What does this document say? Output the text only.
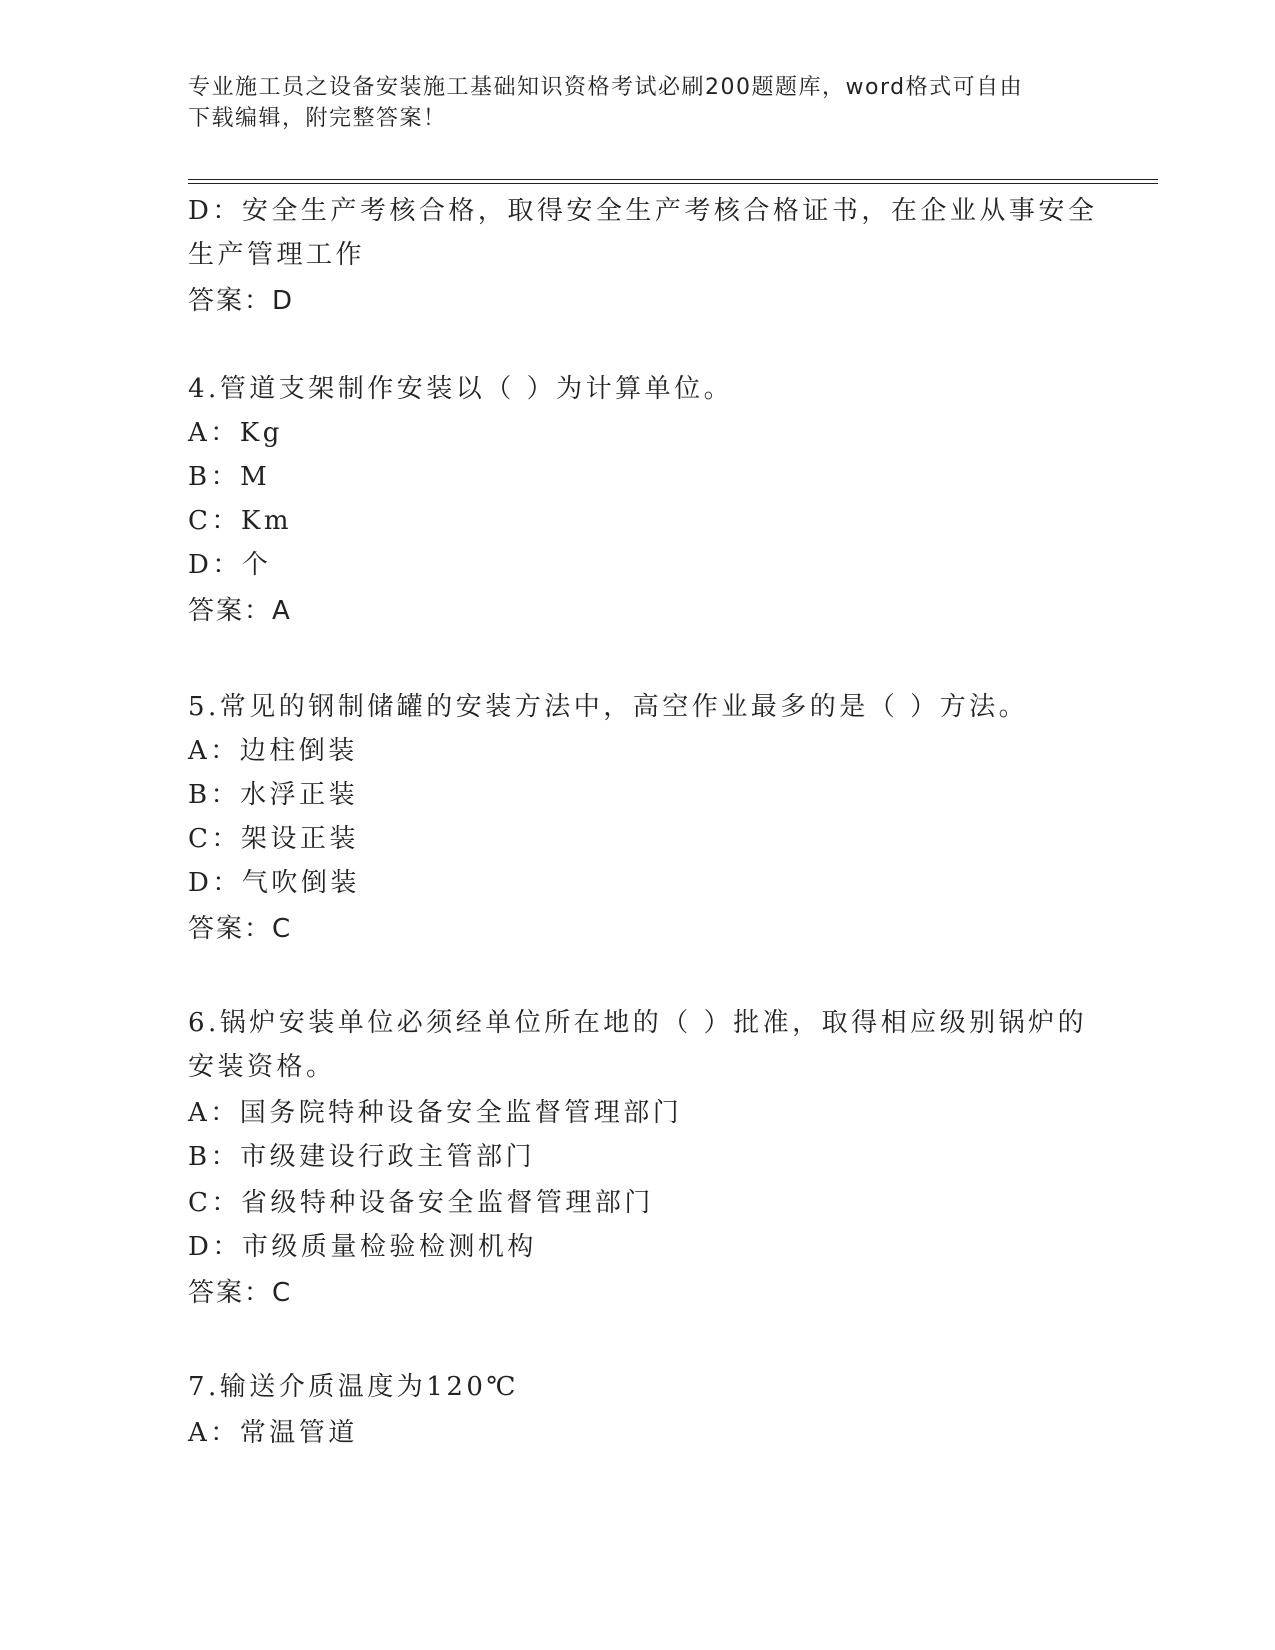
专业施工员之设备安装施工基础知识资格考试必刷200题题库，word格式可自由
下载编辑，附完整答案！
D：安全生产考核合格，取得安全生产考核合格证书，在企业从事安全
生产管理工作
答案：D
4.管道支架制作安装以（ ）为计算单位。
A：Kg
B：M
C：Km
D：个
答案：A
5.常见的钢制储罐的安装方法中，高空作业最多的是（ ）方法。
A：边柱倒装
B：水浮正装
C：架设正装
D：气吹倒装
答案：C
6.锅炉安装单位必须经单位所在地的（ ）批准，取得相应级别锅炉的
安装资格。
A：国务院特种设备安全监督管理部门
B：市级建设行政主管部门
C：省级特种设备安全监督管理部门
D：市级质量检验检测机构
答案：C
7.输送介质温度为120℃
A：常温管道
